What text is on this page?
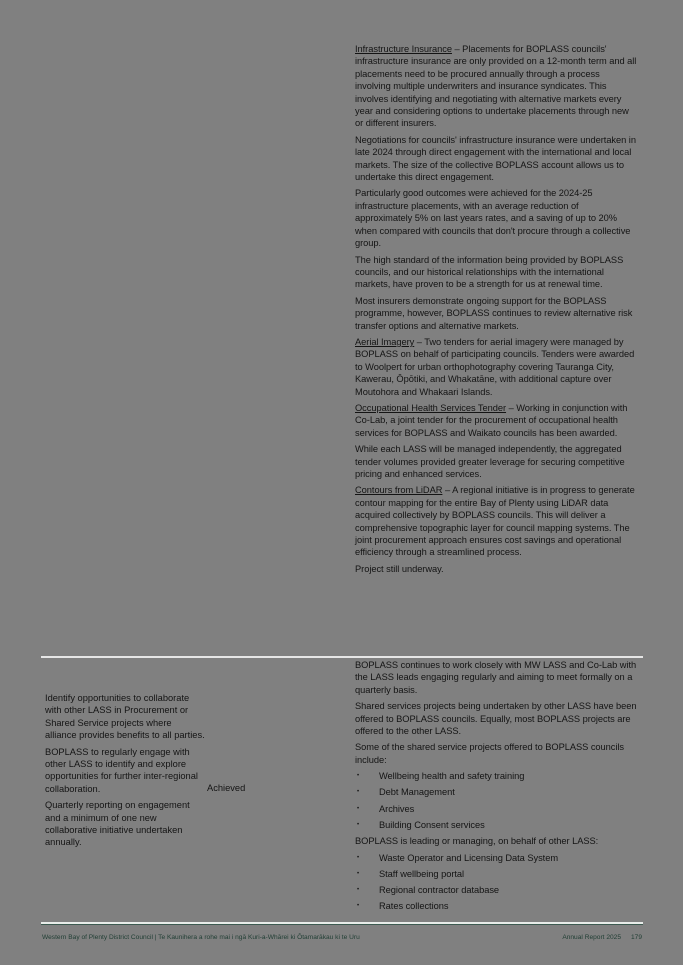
Infrastructure Insurance – Placements for BOPLASS councils' infrastructure insurance are only provided on a 12-month term and all placements need to be procured annually through a process involving multiple underwriters and insurance syndicates. This involves identifying and negotiating with alternative markets every year and considering options to undertake placements through new or different insurers.

Negotiations for councils' infrastructure insurance were undertaken in late 2024 through direct engagement with the international and local markets. The size of the collective BOPLASS account allows us to undertake this direct engagement.

Particularly good outcomes were achieved for the 2024-25 infrastructure placements, with an average reduction of approximately 5% on last years rates, and a saving of up to 20% when compared with councils that don't procure through a collective group.

The high standard of the information being provided by BOPLASS councils, and our historical relationships with the international markets, have proven to be a strength for us at renewal time.

Most insurers demonstrate ongoing support for the BOPLASS programme, however, BOPLASS continues to review alternative risk transfer options and alternative markets.

Aerial Imagery – Two tenders for aerial imagery were managed by BOPLASS on behalf of participating councils. Tenders were awarded to Woolpert for urban orthophotography covering Tauranga City, Kawerau, Ōpōtiki, and Whakatāne, with additional capture over Moutohora and Whakaari Islands.

Occupational Health Services Tender – Working in conjunction with Co-Lab, a joint tender for the procurement of occupational health services for BOPLASS and Waikato councils has been awarded.

While each LASS will be managed independently, the aggregated tender volumes provided greater leverage for securing competitive pricing and enhanced services.

Contours from LiDAR – A regional initiative is in progress to generate contour mapping for the entire Bay of Plenty using LiDAR data acquired collectively by BOPLASS councils. This will deliver a comprehensive topographic layer for council mapping systems. The joint procurement approach ensures cost savings and operational efficiency through a streamlined process.

Project still underway.

Identify opportunities to collaborate with other LASS in Procurement or Shared Service projects where alliance provides benefits to all parties.

BOPLASS to regularly engage with other LASS to identify and explore opportunities for further inter-regional collaboration.

Quarterly reporting on engagement and a minimum of one new collaborative initiative undertaken annually.

Achieved

BOPLASS continues to work closely with MW LASS and Co-Lab with the LASS leads engaging regularly and aiming to meet formally on a quarterly basis.

Shared services projects being undertaken by other LASS have been offered to BOPLASS councils. Equally, most BOPLASS projects are offered to the other LASS.

Some of the shared service projects offered to BOPLASS councils include:

• Wellbeing health and safety training
• Debt Management
• Archives
• Building Consent services

BOPLASS is leading or managing, on behalf of other LASS:

• Waste Operator and Licensing Data System
• Staff wellbeing portal
• Regional contractor database
• Rates collections
Western Bay of Plenty District Council | Te Kaunihera a rohe mai i ngā Kuri-a-Whārei ki Ōtamarākau ki te Uru	Annual Report 2025 179
